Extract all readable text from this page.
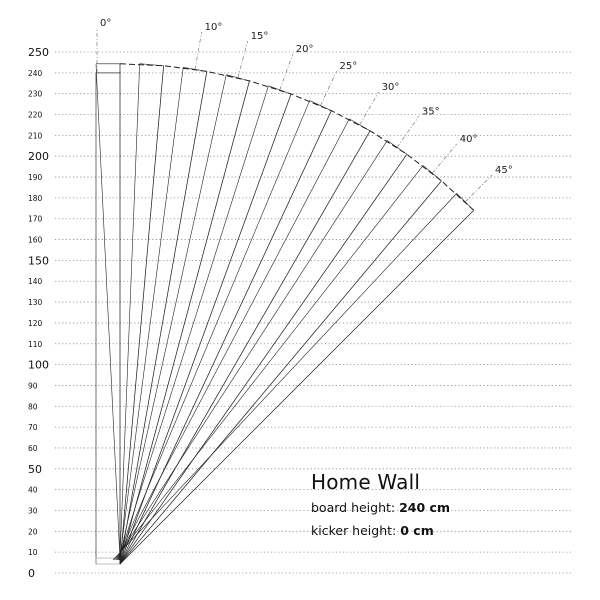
250
240
230
220
210
200
190
180
170
160
150
140
130
120
110
100
90
80
70
60
50
40
30
20
10
0
0°	10°
15°
20°
25°
30°
35°
40°
45°
Home Wall
board height: 240 cm
kicker height: 0 cm
